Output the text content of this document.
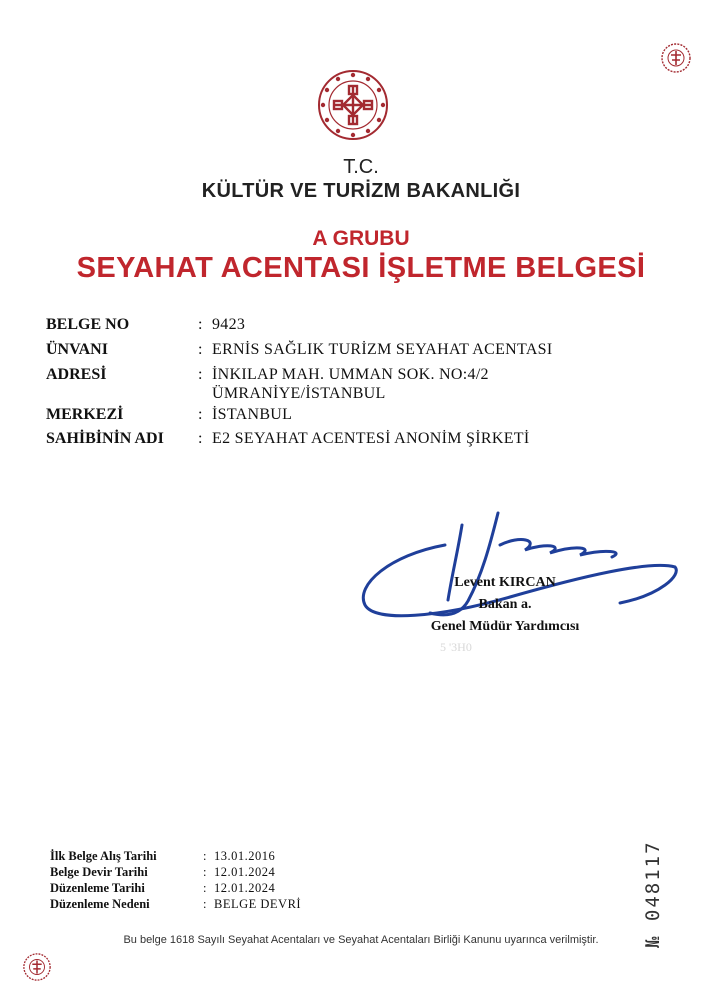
T.C.
KÜLTÜR VE TURİZM BAKANLIĞI
A GRUBU
SEYAHAT ACENTASI İŞLETME BELGESİ
BELGE NO	: 9423
ÜNVANI	: ERNİS SAĞLIK TURİZM SEYAHAT ACENTASI
ADRESİ	: İNKILAP MAH. UMMAN SOK. NO:4/2
ÜMRANİYE/İSTANBUL
MERKEZİ	: İSTANBUL
SAHİBİNİN ADI : E2 SEYAHAT ACENTESİ ANONİM ŞİRKETİ
Levent KIRCAN
Bakan a.
Genel Müdür Yardımcısı
5 '3H0
İlk Belge Alış Tarihi	: 13.01.2016
Belge Devir Tarihi	: 12.01.2024
Düzenleme Tarihi	: 12.01.2024
Düzenleme Nedeni	: BELGE DEVRİ	№ 048117
Bu belge 1618 Sayılı Seyahat Acentaları ve Seyahat Acentaları Birliği Kanunu uyarınca verilmiştir.
